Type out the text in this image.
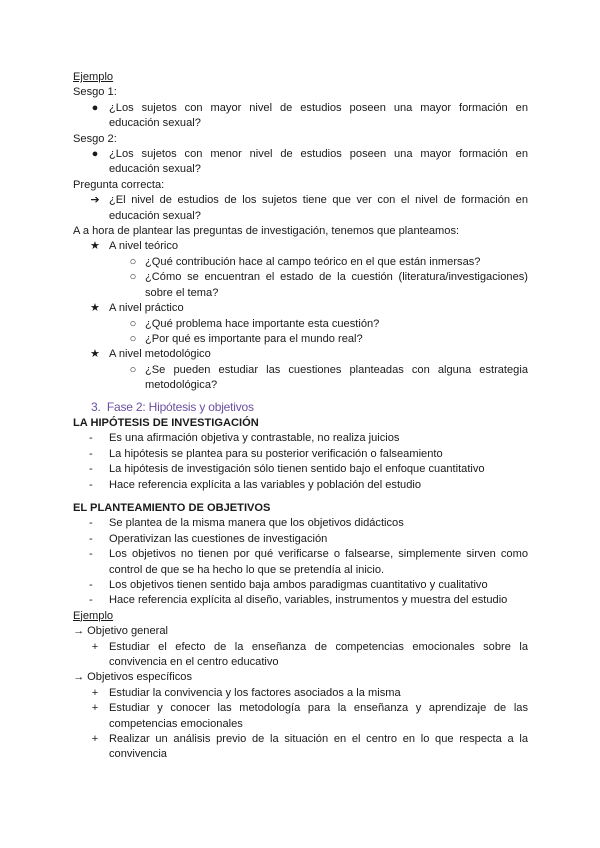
Ejemplo

Sesgo 1:

● ¿Los sujetos con mayor nivel de estudios poseen una mayor formación en educación sexual?

Sesgo 2:

● ¿Los sujetos con menor nivel de estudios poseen una mayor formación en educación sexual?

Pregunta correcta:

➔ ¿El nivel de estudios de los sujetos tiene que ver con el nivel de formación en educación sexual?

A a hora de plantear las preguntas de investigación, tenemos que planteamos:

★ A nivel teórico
○ ¿Qué contribución hace al campo teórico en el que están inmersas?
○ ¿Cómo se encuentran el estado de la cuestión (literatura/investigaciones) sobre el tema?
★ A nivel práctico
○ ¿Qué problema hace importante esta cuestión?
○ ¿Por qué es importante para el mundo real?
★ A nivel metodológico
○ ¿Se pueden estudiar las cuestiones planteadas con alguna estrategia metodológica?

3. Fase 2: Hipótesis y objetivos

LA HIPÓTESIS DE INVESTIGACIÓN

-	Es una afirmación objetiva y contrastable, no realiza juicios
-	La hipótesis se plantea para su posterior verificación o falseamiento
-	La hipótesis de investigación sólo tienen sentido bajo el enfoque cuantitativo
-	Hace referencia explícita a las variables y población del estudio

EL PLANTEAMIENTO DE OBJETIVOS

-	Se plantea de la misma manera que los objetivos didácticos
-	Operativizan las cuestiones de investigación
-	Los objetivos no tienen por qué verificarse o falsearse, simplemente sirven como control de que se ha hecho lo que se pretendía al inicio.
-	Los objetivos tienen sentido baja ambos paradigmas cuantitativo y cualitativo
-	Hace referencia explícita al diseño, variables, instrumentos y muestra del estudio

Ejemplo

→ Objetivo general

+ Estudiar el efecto de la enseñanza de competencias emocionales sobre la convivencia en el centro educativo

→ Objetivos específicos

+ Estudiar la convivencia y los factores asociados a la misma
+ Estudiar y conocer las metodología para la enseñanza y aprendizaje de las competencias emocionales
+ Realizar un análisis previo de la situación en el centro en lo que respecta a la convivencia
